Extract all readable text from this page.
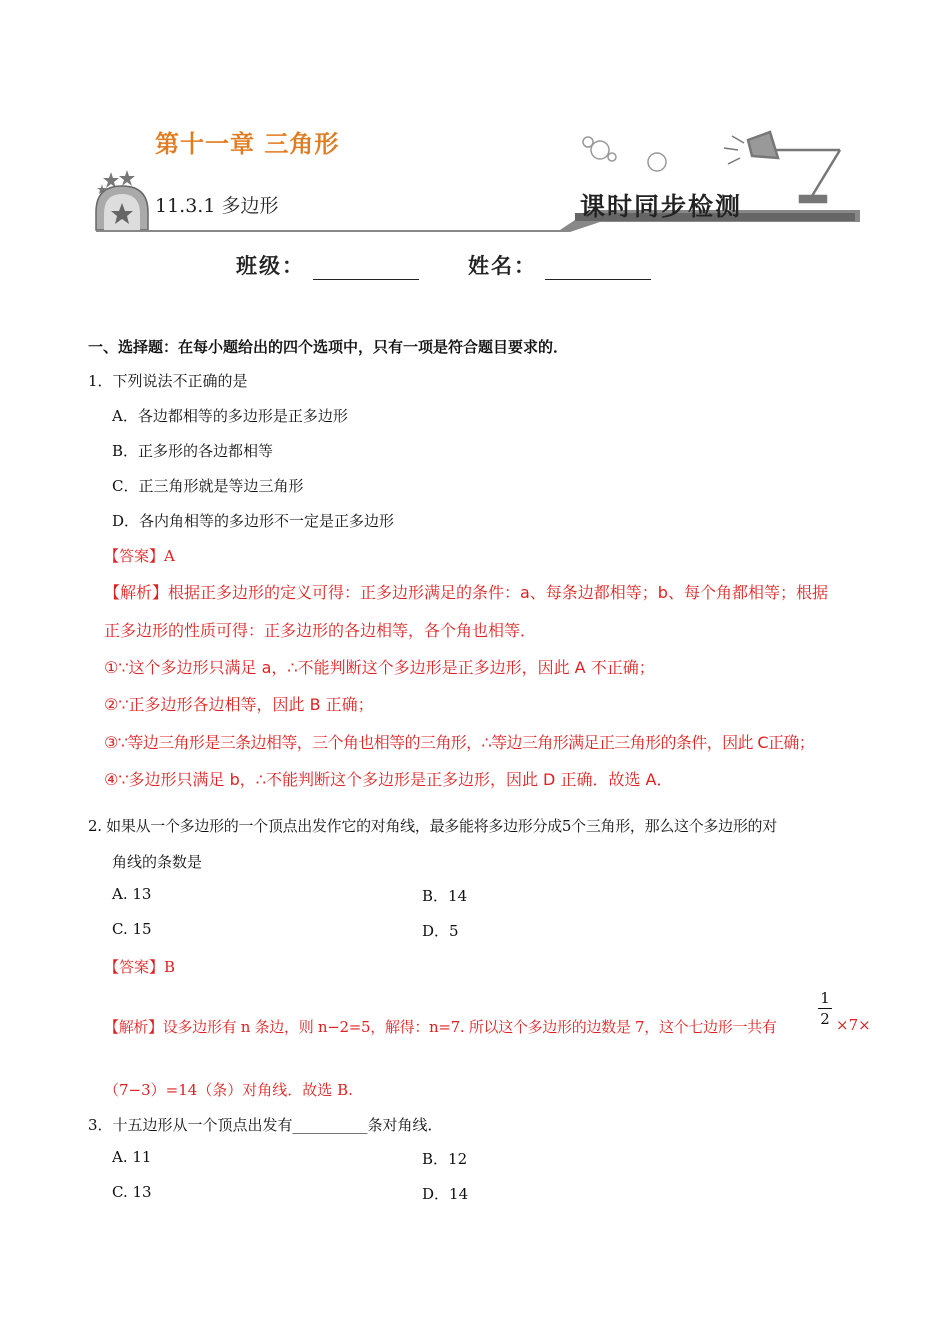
第十一章 三角形
11.3.1 多边形	课时同步检测
班级：	姓名：
一、选择题：在每小题给出的四个选项中，只有一项是符合题目要求的．
1．下列说法不正确的是
A．各边都相等的多边形是正多边形
B．正多形的各边都相等
C．正三角形就是等边三角形
D．各内角相等的多边形不一定是正多边形
【答案】A
【解析】根据正多边形的定义可得：正多边形满足的条件：a、每条边都相等；b、每个角都相等；根据
正多边形的性质可得：正多边形的各边相等，各个角也相等．
①∵这个多边形只满足 a，∴不能判断这个多边形是正多边形，因此 A 不正确；
②∵正多边形各边相等，因此 B 正确；
③∵等边三角形是三条边相等，三个角也相等的三角形，∴等边三角形满足正三角形的条件，因此 C正确；
④∵多边形只满足 b，∴不能判断这个多边形是正多边形，因此 D 正确．故选 A．
2. 如果从一个多边形的一个顶点出发作它的对角线，最多能将多边形分成5个三角形，那么这个多边形的对
角线的条数是
A. 13	B．14
C. 15	D．5
【答案】B
【解析】设多边形有 n 条边，则 n−2=5，解得：n=7. 所以这个多边形的边数是 7，这个七边形一共有	$\frac{1}{2} \times 7\times$
（7−3）=14（条）对角线．故选 B.
3．十五边形从一个顶点出发有__________条对角线．
A. 11	B．12
C. 13	D．14
